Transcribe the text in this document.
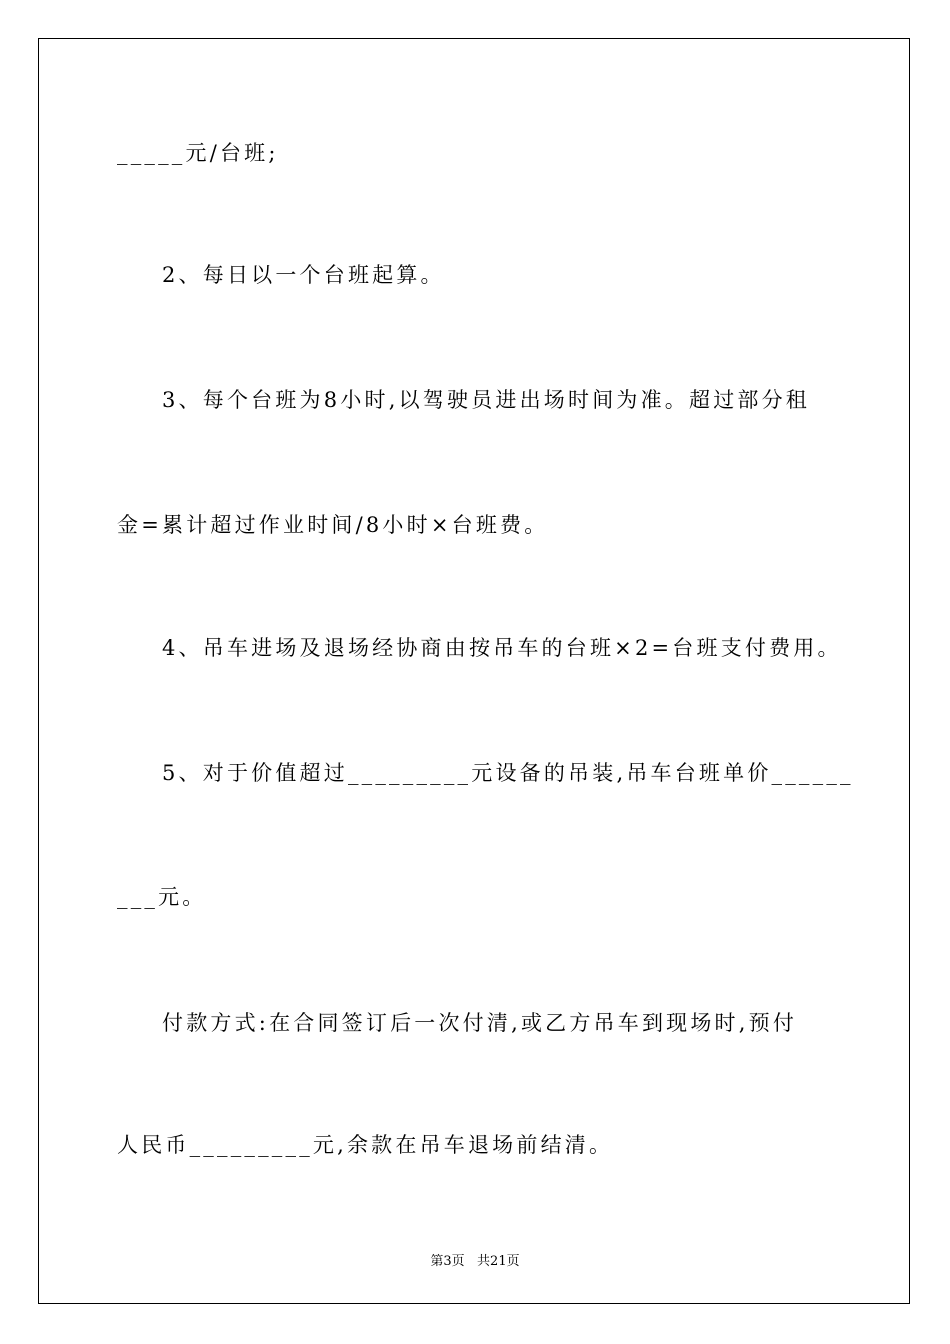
_____元/台班;
2、每日以一个台班起算。
3、每个台班为8小时,以驾驶员进出场时间为准。超过部分租
金=累计超过作业时间/8小时×台班费。
4、吊车进场及退场经协商由按吊车的台班×2=台班支付费用。
5、对于价值超过_________元设备的吊装,吊车台班单价______
___元。
付款方式:在合同签订后一次付清,或乙方吊车到现场时,预付
人民币_________元,余款在吊车退场前结清。
第3页   共21页
